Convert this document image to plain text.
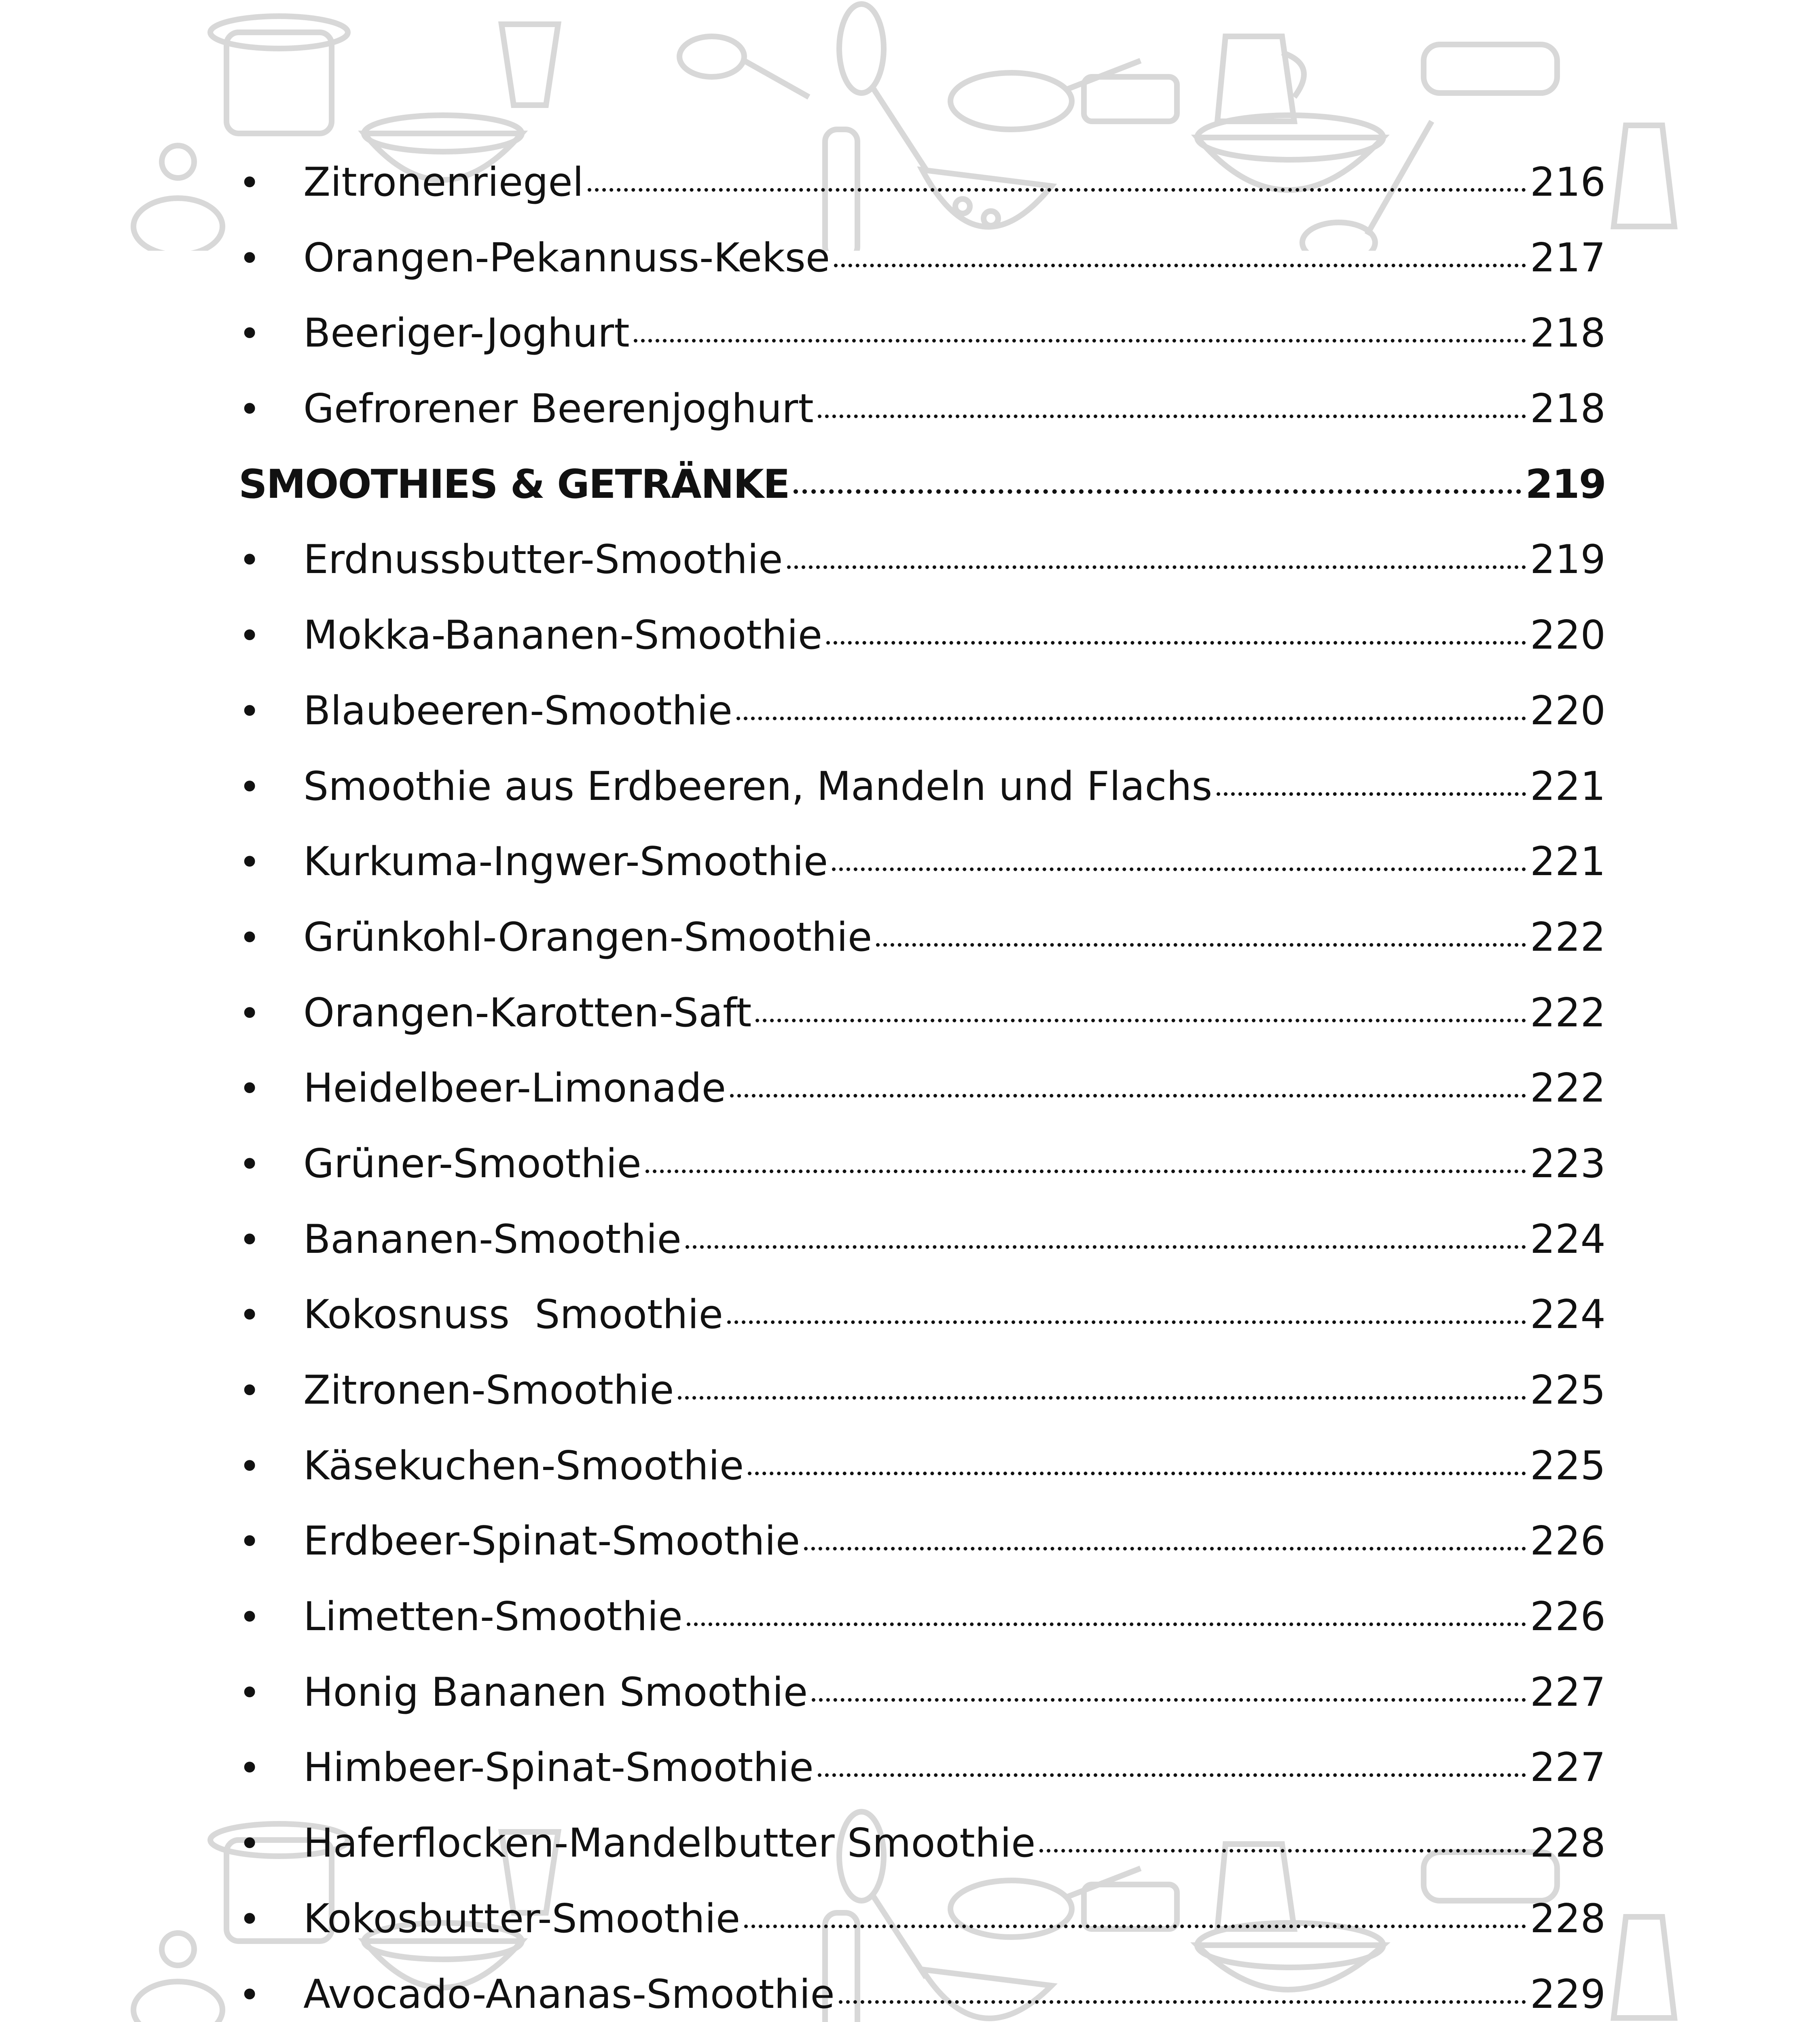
•	Zitronenriegel	216
•	Orangen-Pekannuss-Kekse	217
•	Beeriger-Joghurt	218
•	Gefrorener Beerenjoghurt	218
SMOOTHIES & GETRÄNKE	219
•	Erdnussbutter-Smoothie	219
•	Mokka-Bananen-Smoothie	220
•	Blaubeeren-Smoothie	220
•	Smoothie aus Erdbeeren, Mandeln und Flachs	221
•	Kurkuma-Ingwer-Smoothie	221
•	Grünkohl-Orangen-Smoothie	222
•	Orangen-Karotten-Saft	222
•	Heidelbeer-Limonade	222
•	Grüner-Smoothie	223
•	Bananen-Smoothie	224
•	Kokosnuss  Smoothie	224
•	Zitronen-Smoothie	225
•	Käsekuchen-Smoothie	225
•	Erdbeer-Spinat-Smoothie	226
•	Limetten-Smoothie	226
•	Honig Bananen Smoothie	227
•	Himbeer-Spinat-Smoothie	227
•	Haferflocken-Mandelbutter Smoothie	228
•	Kokosbutter-Smoothie	228
•	Avocado-Ananas-Smoothie	229
